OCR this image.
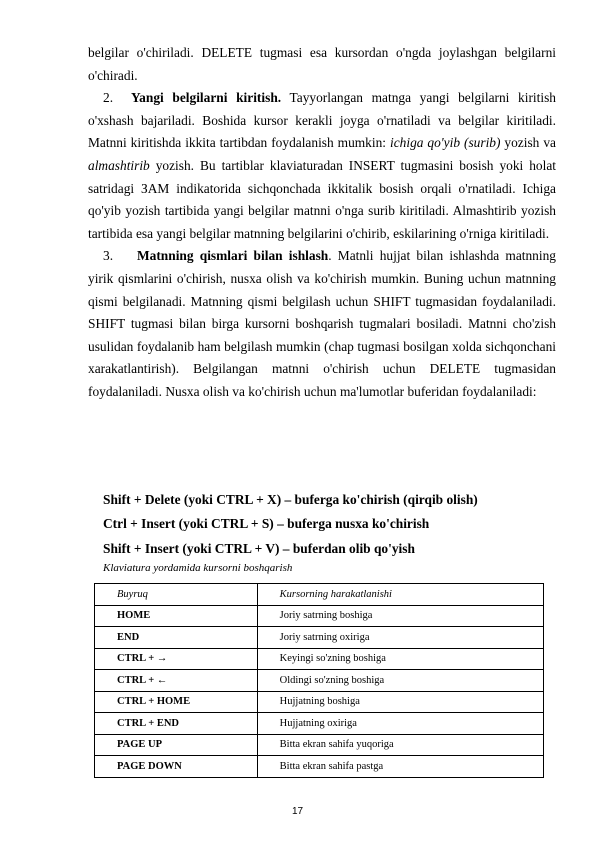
belgilar o'chiriladi. DELETE tugmasi esa kursordan o'ngda joylashgan belgilarni o'chiradi.

2. Yangi belgilarni kiritish. Tayyorlangan matnga yangi belgilarni kiritish o'xshash bajariladi. Boshida kursor kerakli joyga o'rnatiladi va belgilar kiritiladi. Matnni kiritishda ikkita tartibdan foydalanish mumkin: ichiga qo'yib (surib) yozish va almashtirib yozish. Bu tartiblar klaviaturadan INSERT tugmasini bosish yoki holat satridagi ЗАМ indikatorida sichqonchada ikkitalik bosish orqali o'rnatiladi. Ichiga qo'yib yozish tartibida yangi belgilar matnni o'nga surib kiritiladi. Almashtirib yozish tartibida esa yangi belgilar matnning belgilarini o'chirib, eskilarining o'rniga kiritiladi.

3. Matnning qismlari bilan ishlash. Matnli hujjat bilan ishlashda matnning yirik qismlarini o'chirish, nusxa olish va ko'chirish mumkin. Buning uchun matnning qismi belgilanadi. Matnning qismi belgilash uchun SHIFT tugmasidan foydalaniladi. SHIFT tugmasi bilan birga kursorni boshqarish tugmalari bosiladi. Matnni cho'zish usulidan foydalanib ham belgilash mumkin (chap tugmasi bosilgan xolda sichqonchani xarakatlantirish). Belgilangan matnni o'chirish uchun DELETE tugmasidan foydalaniladi. Nusxa olish va ko'chirish uchun ma'lumotlar buferidan foydalaniladi:

Shift + Delete (yoki CTRL + X) – buferga ko'chirish (qirqib olish)
Ctrl + Insert (yoki CTRL + S) – buferga nusxa ko'chirish
Shift + Insert (yoki CTRL + V) – buferdan olib qo'yish
Klaviatura yordamida kursorni boshqarish
Buyruq	Kursorning harakatlanishi
HOME	Joriy satrning boshiga
END	Joriy satrning oxiriga
CTRL + →	Keyingi so'zning boshiga
CTRL + ←	Oldingi so'zning boshiga
CTRL + HOME	Hujjatning boshiga
CTRL + END	Hujjatning oxiriga
PAGE UP	Bitta ekran sahifa yuqoriga
PAGE DOWN	Bitta ekran sahifa pastga
17
